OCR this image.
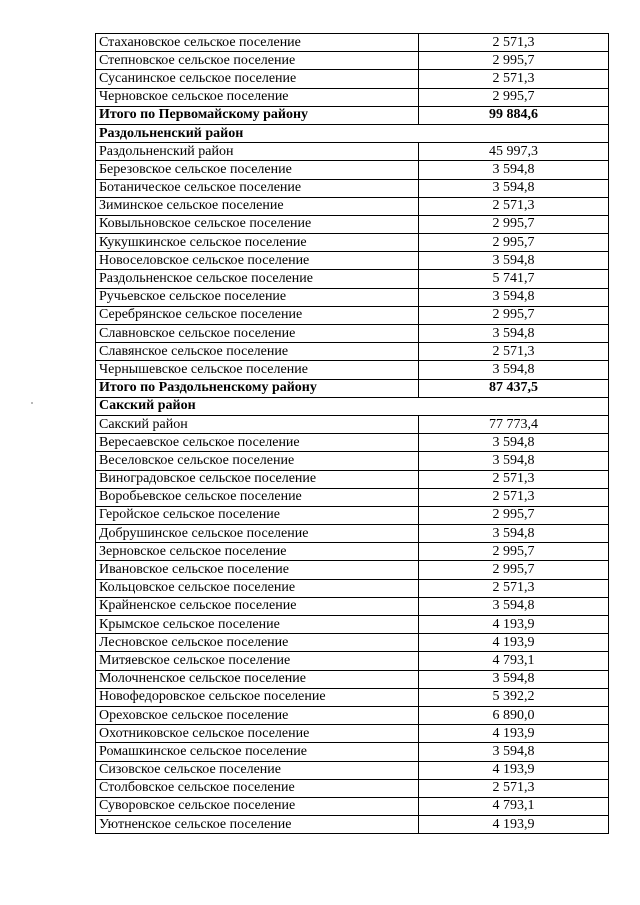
Стахановское сельское поселение	2 571,3
Степновское сельское поселение	2 995,7
Сусанинское сельское поселение	2 571,3
Черновское сельское поселение	2 995,7
Итого по Первомайскому району	99 884,6
Раздольненский район	
Раздольненский район	45 997,3
Березовское сельское поселение	3 594,8
Ботаническое сельское поселение	3 594,8
Зиминское сельское поселение	2 571,3
Ковыльновское сельское поселение	2 995,7
Кукушкинское сельское поселение	2 995,7
Новоселовское сельское поселение	3 594,8
Раздольненское сельское поселение	5 741,7
Ручьевское сельское поселение	3 594,8
Серебрянское сельское поселение	2 995,7
Славновское сельское поселение	3 594,8
Славянское сельское поселение	2 571,3
Чернышевское сельское поселение	3 594,8
Итого по Раздольненскому району	87 437,5
Сакский район	
Сакский район	77 773,4
Вересаевское сельское поселение	3 594,8
Веселовское сельское поселение	3 594,8
Виноградовское сельское поселение	2 571,3
Воробьевское сельское поселение	2 571,3
Геройское сельское поселение	2 995,7
Добрушинское сельское поселение	3 594,8
Зерновское сельское поселение	2 995,7
Ивановское сельское поселение	2 995,7
Кольцовское сельское поселение	2 571,3
Крайненское сельское поселение	3 594,8
Крымское сельское поселение	4 193,9
Лесновское сельское поселение	4 193,9
Митяевское сельское поселение	4 793,1
Молочненское сельское поселение	3 594,8
Новофедоровское сельское поселение	5 392,2
Ореховское сельское поселение	6 890,0
Охотниковское сельское поселение	4 193,9
Ромашкинское сельское поселение	3 594,8
Сизовское сельское поселение	4 193,9
Столбовское сельское поселение	2 571,3
Суворовское сельское поселение	4 793,1
Уютненское сельское поселение	4 193,9
